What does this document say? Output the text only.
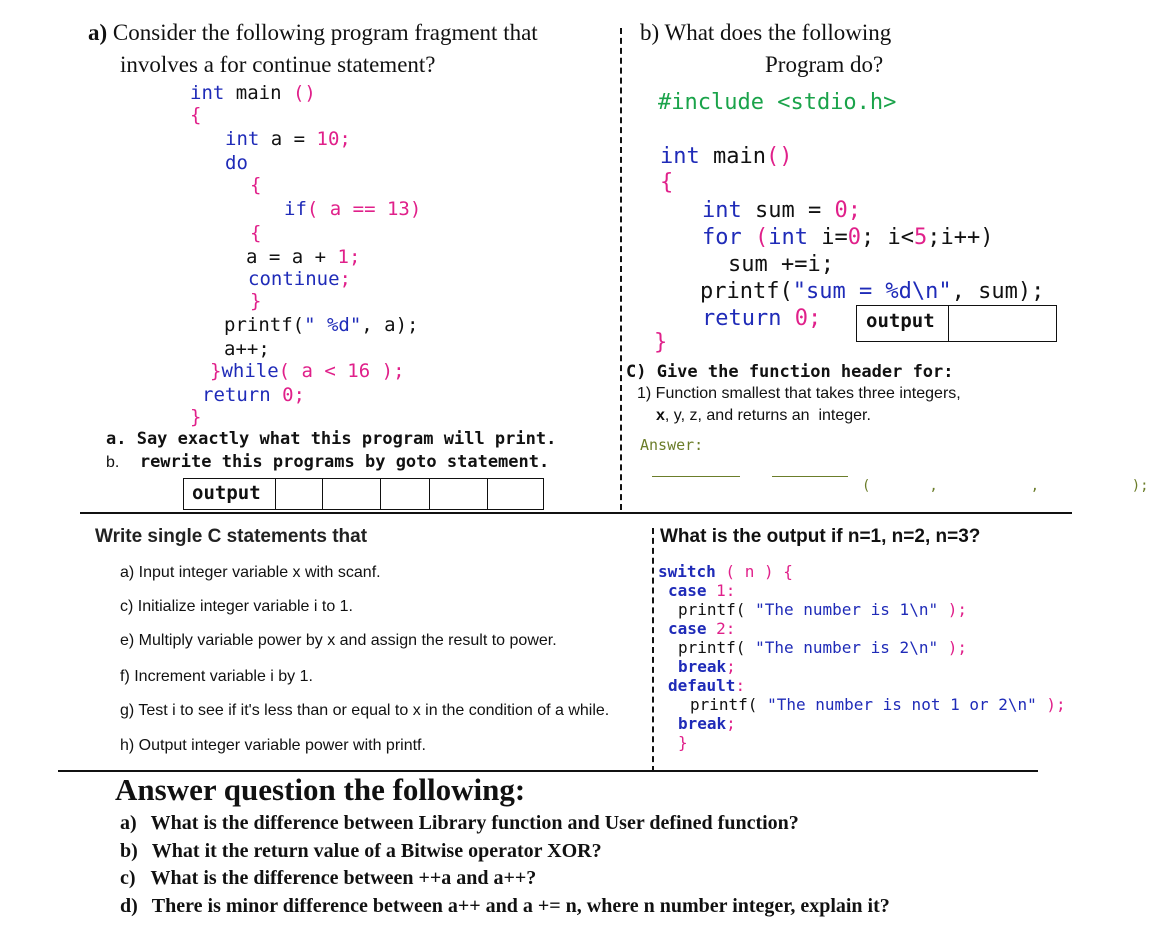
a) Consider the following program fragment that
involves a for continue statement?
int main ()
{
int a = 10;
do
{
if( a == 13)
{
a = a + 1;
continue;
}
printf(" %d", a);
a++;
}while( a < 16 );
return 0;
}
a. Say exactly what this program will print.
b. rewrite this programs by goto statement.
output
b) What does the following
Program do?
#include <stdio.h>
int main()
{
int sum = 0;
for (int i=0; i<5;i++)
sum +=i;
printf("sum = %d\n", sum);
return 0;
}
output
C) Give the function header for:
1) Function smallest that takes three integers,
x, y, z, and returns an  integer.
Answer:
(       ,           ,           );
Write single C statements that
a) Input integer variable x with scanf.
c) Initialize integer variable i to 1.
e) Multiply variable power by x and assign the result to power.
f) Increment variable i by 1.
g) Test i to see if it's less than or equal to x in the condition of a while.
h) Output integer variable power with printf.
What is the output if n=1, n=2, n=3?
switch ( n ) {
case 1:
printf( "The number is 1\n" );
case 2:
printf( "The number is 2\n" );
break;
default:
printf( "The number is not 1 or 2\n" );
break;
}
Answer question the following:
a) What is the difference between Library function and User defined function?
b) What it the return value of a Bitwise operator XOR?
c) What is the difference between ++a and a++?
d) There is minor difference between a++ and a += n, where n number integer, explain it?
